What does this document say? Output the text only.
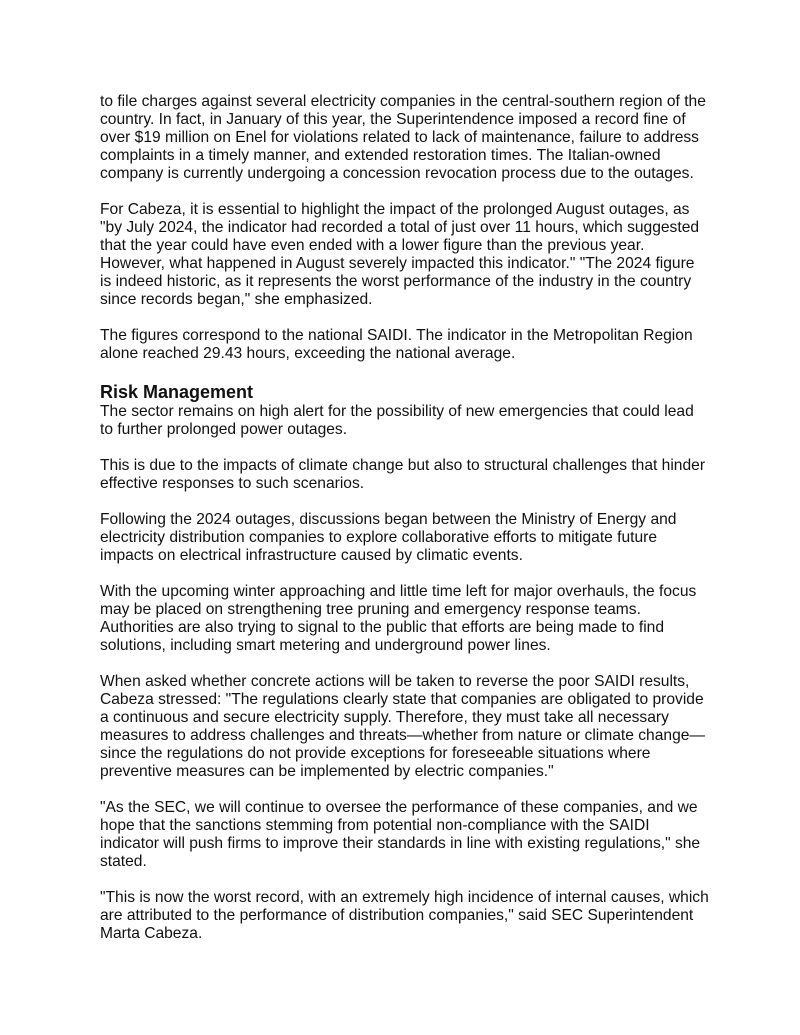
to file charges against several electricity companies in the central-southern region of the country. In fact, in January of this year, the Superintendence imposed a record fine of over $19 million on Enel for violations related to lack of maintenance, failure to address complaints in a timely manner, and extended restoration times. The Italian-owned company is currently undergoing a concession revocation process due to the outages.

For Cabeza, it is essential to highlight the impact of the prolonged August outages, as "by July 2024, the indicator had recorded a total of just over 11 hours, which suggested that the year could have even ended with a lower figure than the previous year. However, what happened in August severely impacted this indicator." "The 2024 figure is indeed historic, as it represents the worst performance of the industry in the country since records began," she emphasized.

The figures correspond to the national SAIDI. The indicator in the Metropolitan Region alone reached 29.43 hours, exceeding the national average.

Risk Management

The sector remains on high alert for the possibility of new emergencies that could lead to further prolonged power outages.

This is due to the impacts of climate change but also to structural challenges that hinder effective responses to such scenarios.

Following the 2024 outages, discussions began between the Ministry of Energy and electricity distribution companies to explore collaborative efforts to mitigate future impacts on electrical infrastructure caused by climatic events.

With the upcoming winter approaching and little time left for major overhauls, the focus may be placed on strengthening tree pruning and emergency response teams. Authorities are also trying to signal to the public that efforts are being made to find solutions, including smart metering and underground power lines.

When asked whether concrete actions will be taken to reverse the poor SAIDI results, Cabeza stressed: "The regulations clearly state that companies are obligated to provide a continuous and secure electricity supply. Therefore, they must take all necessary measures to address challenges and threats—whether from nature or climate change—since the regulations do not provide exceptions for foreseeable situations where preventive measures can be implemented by electric companies."

"As the SEC, we will continue to oversee the performance of these companies, and we hope that the sanctions stemming from potential non-compliance with the SAIDI indicator will push firms to improve their standards in line with existing regulations," she stated.

"This is now the worst record, with an extremely high incidence of internal causes, which are attributed to the performance of distribution companies," said SEC Superintendent Marta Cabeza.
